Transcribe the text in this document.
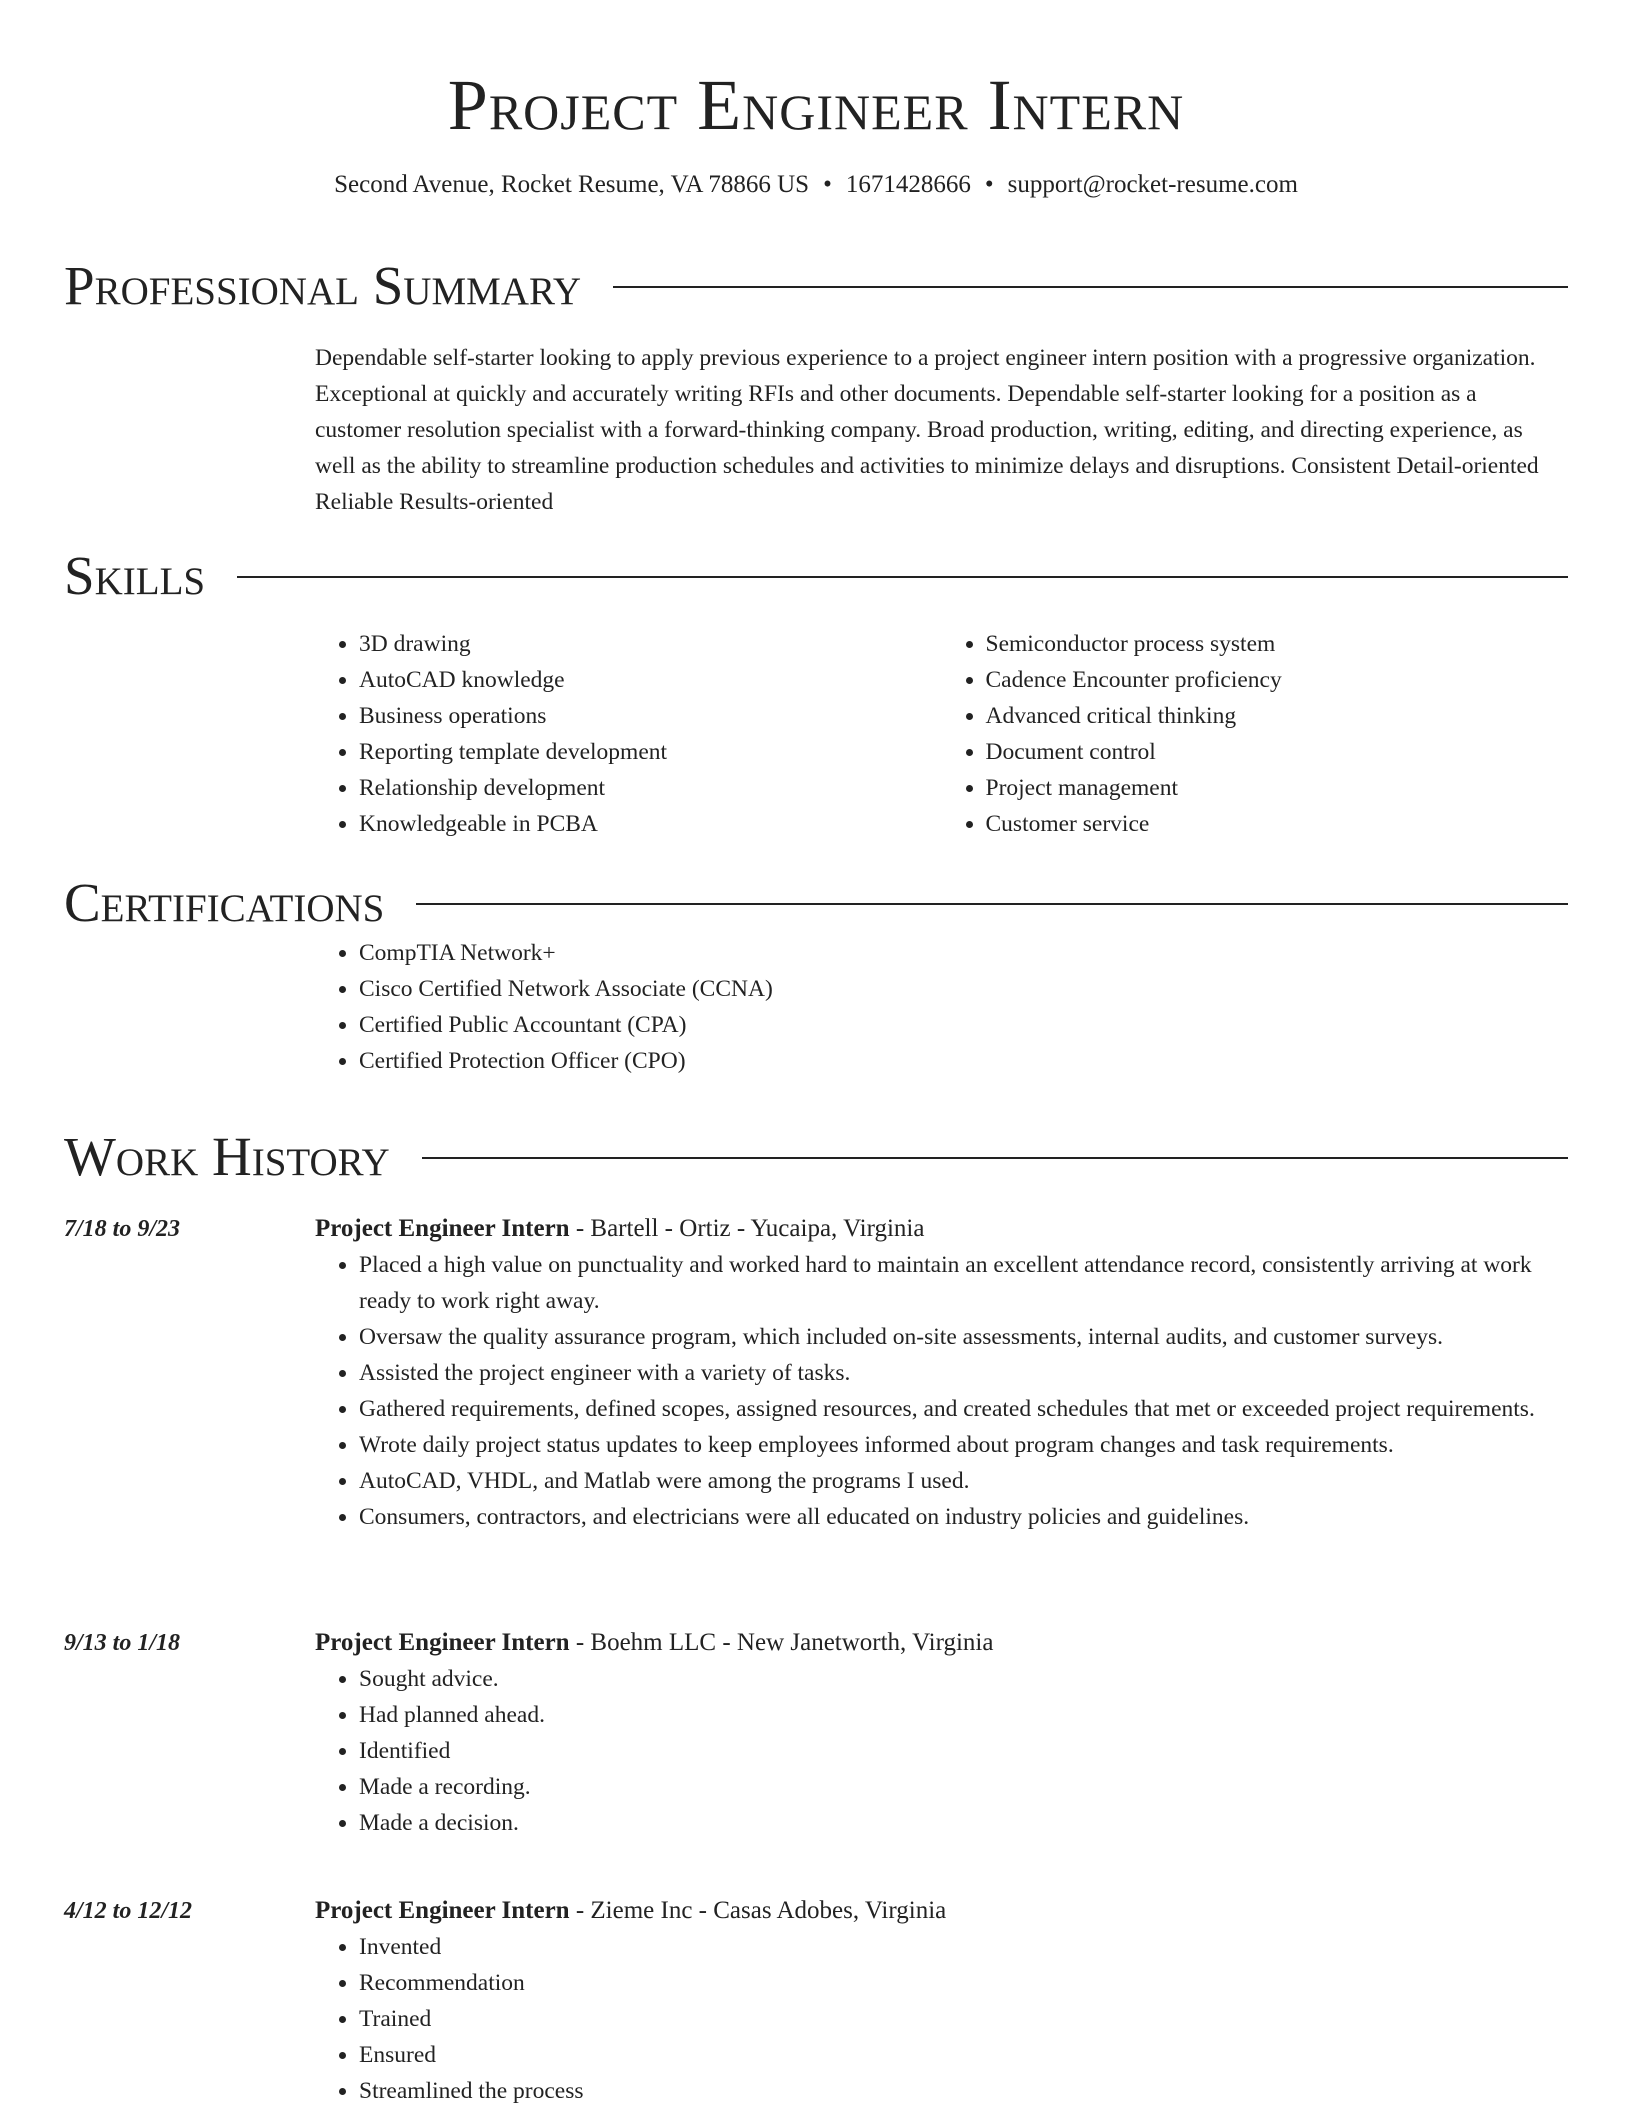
Project Engineer Intern
Second Avenue, Rocket Resume, VA 78866 US • 1671428666 • support@rocket-resume.com
Professional Summary

Dependable self-starter looking to apply previous experience to a project engineer intern position with a progressive organization. Exceptional at quickly and accurately writing RFIs and other documents. Dependable self-starter looking for a position as a customer resolution specialist with a forward-thinking company. Broad production, writing, editing, and directing experience, as well as the ability to streamline production schedules and activities to minimize delays and disruptions. Consistent Detail-oriented Reliable Results-oriented

Skills
• 3D drawing
• AutoCAD knowledge
• Business operations
• Reporting template development
• Relationship development
• Knowledgeable in PCBA
• Semiconductor process system
• Cadence Encounter proficiency
• Advanced critical thinking
• Document control
• Project management
• Customer service
Certifications
• CompTIA Network+
• Cisco Certified Network Associate (CCNA)
• Certified Public Accountant (CPA)
• Certified Protection Officer (CPO)
Work History
7/18 to 9/23	Project Engineer Intern - Bartell - Ortiz - Yucaipa, Virginia
• Placed a high value on punctuality and worked hard to maintain an excellent attendance record, consistently arriving at work ready to work right away.
• Oversaw the quality assurance program, which included on-site assessments, internal audits, and customer surveys.
• Assisted the project engineer with a variety of tasks.
• Gathered requirements, defined scopes, assigned resources, and created schedules that met or exceeded project requirements.
• Wrote daily project status updates to keep employees informed about program changes and task requirements.
• AutoCAD, VHDL, and Matlab were among the programs I used.
• Consumers, contractors, and electricians were all educated on industry policies and guidelines.
9/13 to 1/18	Project Engineer Intern - Boehm LLC - New Janetworth, Virginia
• Sought advice.
• Had planned ahead.
• Identified
• Made a recording.
• Made a decision.
4/12 to 12/12	Project Engineer Intern - Zieme Inc - Casas Adobes, Virginia
• Invented
• Recommendation
• Trained
• Ensured
• Streamlined the process
